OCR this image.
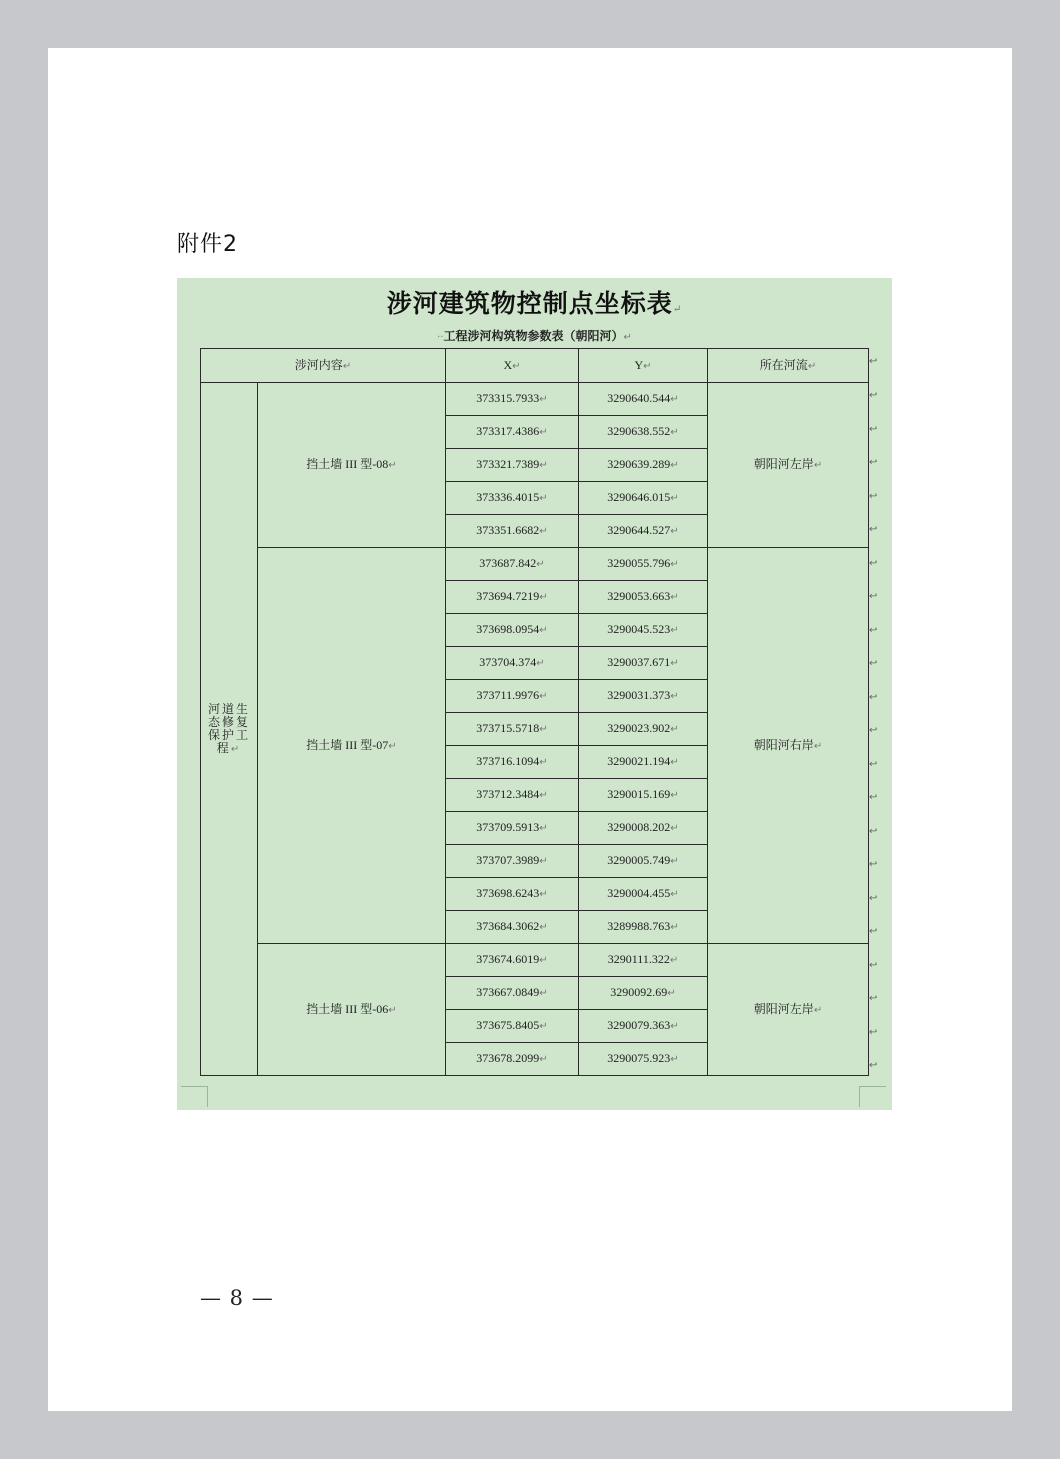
附件2
涉河建筑物控制点坐标表↵
··工程涉河构筑物参数表（朝阳河）↵
涉河内容↵		X↵	Y↵	所在河流↵
河道生态修复保护工程↵	挡土墙 III 型-08↵	373315.7933↵	3290640.544↵	朝阳河左岸↵
		373317.4386↵	3290638.552↵	
		373321.7389↵	3290639.289↵	
		373336.4015↵	3290646.015↵	
		373351.6682↵	3290644.527↵	
	挡土墙 III 型-07↵	373687.842↵	3290055.796↵	朝阳河右岸↵
		373694.7219↵	3290053.663↵	
		373698.0954↵	3290045.523↵	
		373704.374↵	3290037.671↵	
		373711.9976↵	3290031.373↵	
		373715.5718↵	3290023.902↵	
		373716.1094↵	3290021.194↵	
		373712.3484↵	3290015.169↵	
		373709.5913↵	3290008.202↵	
		373707.3989↵	3290005.749↵	
		373698.6243↵	3290004.455↵	
		373684.3062↵	3289988.763↵	
	挡土墙 III 型-06↵	373674.6019↵	3290111.322↵	朝阳河左岸↵
		373667.0849↵	3290092.69↵	
		373675.8405↵	3290079.363↵	
		373678.2099↵	3290075.923↵	
↩
↩
↩
↩
↩
↩
↩
↩
↩
↩
↩
↩
↩
↩
↩
↩
↩
↩
↩
↩
↩
↩
— 8 —
